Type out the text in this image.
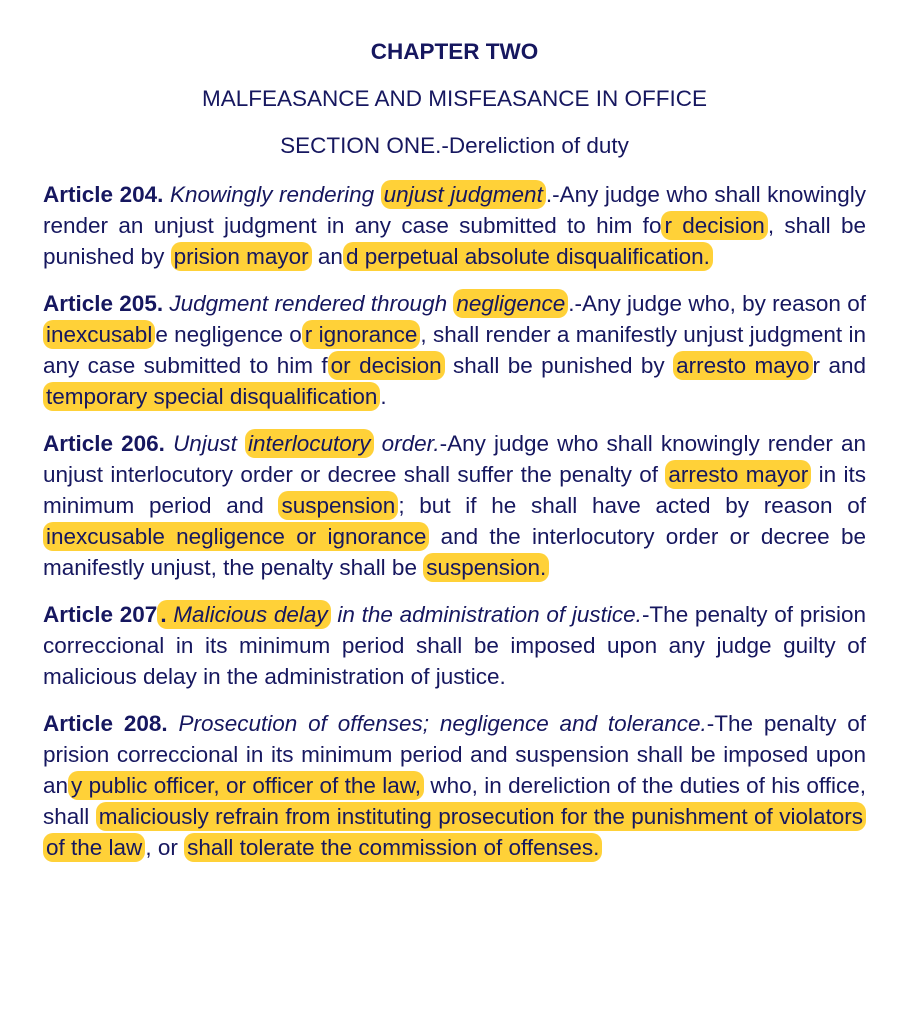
CHAPTER TWO

MALFEASANCE AND MISFEASANCE IN OFFICE

SECTION ONE.-Dereliction of duty

Article 204. Knowingly rendering unjust judgment .-Any judge who shall knowingly render an unjust judgment in any case submitted to him fo r decision , shall be punished by prision mayor an d perpetual absolute disqualification.

Article 205. Judgment rendered through negligence .-Any judge who, by reason of inexcusabl e negligence o r ignorance , shall render a manifestly unjust judgment in any case submitted to him f or decision shall be punished by arresto mayo r and temporary special disqualification .

Article 206. Unjust interlocutory order.-Any judge who shall knowingly render an unjust interlocutory order or decree shall suffer the penalty of arresto mayor in its minimum period and suspension ; but if he shall have acted by reason of inexcusable negligence or ignorance and the interlocutory order or decree be manifestly unjust, the penalty shall be suspension.

Article 207 . Malicious delay in the administration of justice.-The penalty of prision correccional in its minimum period shall be imposed upon any judge guilty of malicious delay in the administration of justice.

Article 208. Prosecution of offenses; negligence and tolerance.-The penalty of prision correccional in its minimum period and suspension shall be imposed upon an y public officer, or officer of the law, who, in dereliction of the duties of his office, shall maliciously refrain from instituting prosecution for the punishment of violators of the law , or shall tolerate the commission of offenses.
